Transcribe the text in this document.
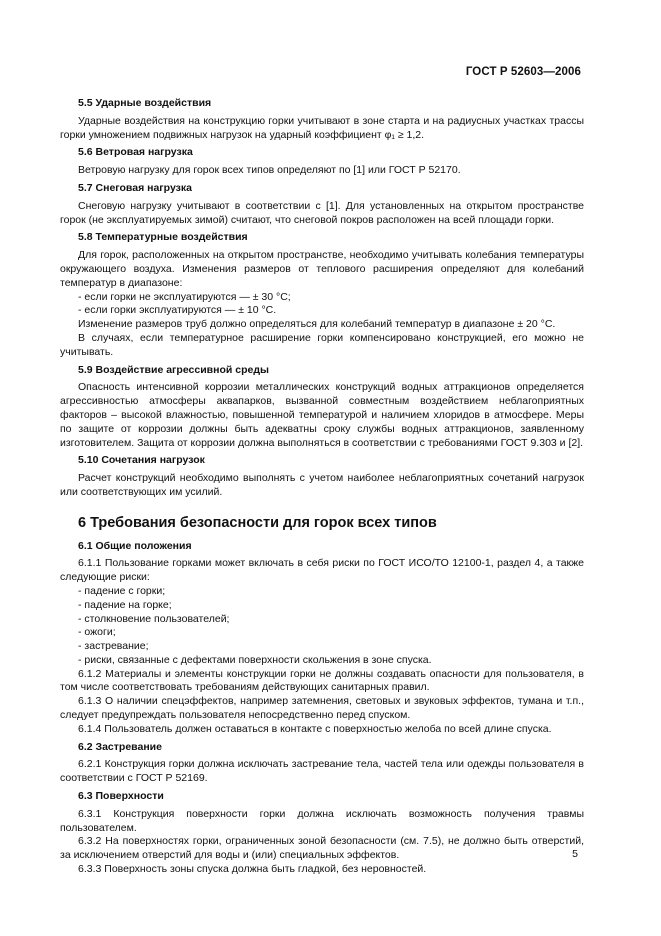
ГОСТ Р 52603—2006
5.5 Ударные воздействия

Ударные воздействия на конструкцию горки учитывают в зоне старта и на радиусных участках трассы горки умножением подвижных нагрузок на ударный коэффициент φ₁ ≥ 1,2.

5.6 Ветровая нагрузка

Ветровую нагрузку для горок всех типов определяют по [1] или ГОСТ Р 52170.

5.7 Снеговая нагрузка

Снеговую нагрузку учитывают в соответствии с [1]. Для установленных на открытом пространстве горок (не эксплуатируемых зимой) считают, что снеговой покров расположен на всей площади горки.

5.8 Температурные воздействия

Для горок, расположенных на открытом пространстве, необходимо учитывать колебания температуры окружающего воздуха. Изменения размеров от теплового расширения определяют для колебаний температур в диапазоне:

- если горки не эксплуатируются — ± 30 °С;

- если горки эксплуатируются — ± 10 °С.

Изменение размеров труб должно определяться для колебаний температур в диапазоне ± 20 °С.

В случаях, если температурное расширение горки компенсировано конструкцией, его можно не учитывать.

5.9 Воздействие агрессивной среды

Опасность интенсивной коррозии металлических конструкций водных аттракционов определяется агрессивностью атмосферы аквапарков, вызванной совместным воздействием неблагоприятных факторов – высокой влажностью, повышенной температурой и наличием хлоридов в атмосфере. Меры по защите от коррозии должны быть адекватны сроку службы водных аттракционов, заявленному изготовителем. Защита от коррозии должна выполняться в соответствии с требованиями ГОСТ 9.303 и [2].

5.10 Сочетания нагрузок

Расчет конструкций необходимо выполнять с учетом наиболее неблагоприятных сочетаний нагрузок или соответствующих им усилий.

6 Требования безопасности для горок всех типов
6.1 Общие положения

6.1.1 Пользование горками может включать в себя риски по ГОСТ ИСО/ТО 12100-1, раздел 4, а также следующие риски:

- падение с горки;

- падение на горке;

- столкновение пользователей;

- ожоги;

- застревание;

- риски, связанные с дефектами поверхности скольжения в зоне спуска.

6.1.2 Материалы и элементы конструкции горки не должны создавать опасности для пользователя, в том числе соответствовать требованиям действующих санитарных правил.

6.1.3 О наличии спецэффектов, например затемнения, световых и звуковых эффектов, тумана и т.п., следует предупреждать пользователя непосредственно перед спуском.

6.1.4 Пользователь должен оставаться в контакте с поверхностью желоба по всей длине спуска.

6.2 Застревание

6.2.1 Конструкция горки должна исключать застревание тела, частей тела или одежды пользователя в соответствии с ГОСТ Р 52169.

6.3 Поверхности

6.3.1 Конструкция поверхности горки должна исключать возможность получения травмы пользователем.

6.3.2 На поверхностях горки, ограниченных зоной безопасности (см. 7.5), не должно быть отверстий, за исключением отверстий для воды и (или) специальных эффектов.

6.3.3 Поверхность зоны спуска должна быть гладкой, без неровностей.

5
